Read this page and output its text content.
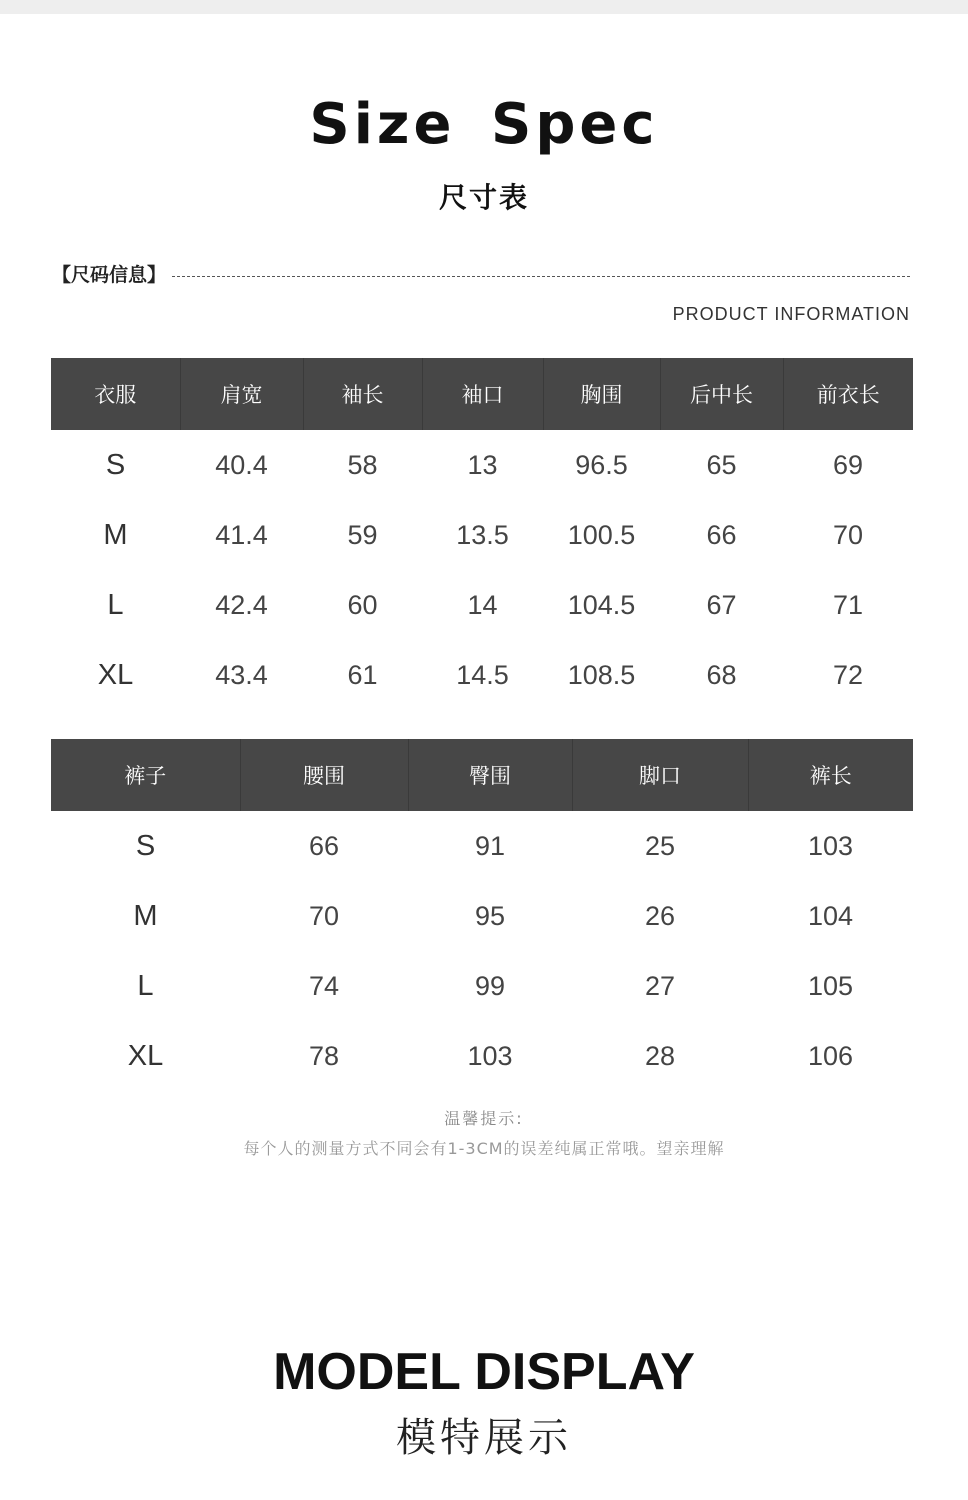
Size Spec
尺寸表
【尺码信息】
PRODUCT INFORMATION
衣服	肩宽	袖长	袖口	胸围	后中长	前衣长
S	40.4	58	13	96.5	65	69
M	41.4	59	13.5	100.5	66	70
L	42.4	60	14	104.5	67	71
XL	43.4	61	14.5	108.5	68	72
裤子	腰围	臀围	脚口	裤长
S	66	91	25	103
M	70	95	26	104
L	74	99	27	105
XL	78	103	28	106
温馨提示:
每个人的测量方式不同会有1-3CM的误差纯属正常哦。望亲理解
MODEL DISPLAY
模特展示
